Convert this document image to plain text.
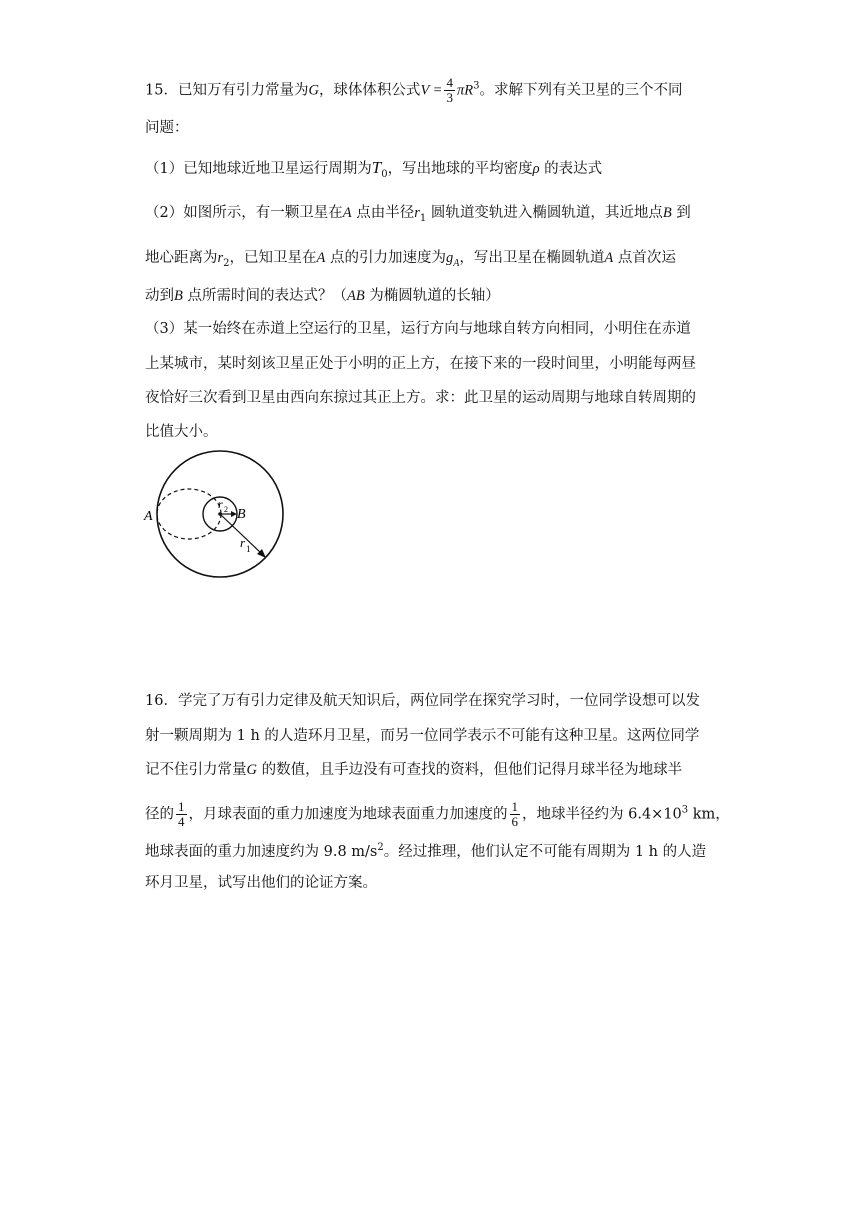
15．已知万有引力常量为G，球体体积公式$V = \frac{4}{3} \pi R^3$。求解下列有关卫星的三个不同
问题：
（1）已知地球近地卫星运行周期为$T_0$，写出地球的平均密度ρ 的表达式
（2）如图所示，有一颗卫星在A 点由半径$r_1$ 圆轨道变轨进入椭圆轨道，其近地点B 到
地心距离为$r_2$，已知卫星在A 点的引力加速度为$g_A$，写出卫星在椭圆轨道A 点首次运
动到B 点所需时间的表达式？（AB 为椭圆轨道的长轴）
（3）某一始终在赤道上空运行的卫星，运行方向与地球自转方向相同，小明住在赤道
上某城市，某时刻该卫星正处于小明的正上方，在接下来的一段时间里，小明能每两昼
夜恰好三次看到卫星由西向东掠过其正上方。求：此卫星的运动周期与地球自转周期的
比值大小。
A	B
r 2
r 1
16．学完了万有引力定律及航天知识后，两位同学在探究学习时，一位同学设想可以发
射一颗周期为 1 h 的人造环月卫星，而另一位同学表示不可能有这种卫星。这两位同学
记不住引力常量G 的数值，且手边没有可查找的资料，但他们记得月球半径为地球半
径的 $\frac{1}{4}$ ，月球表面的重力加速度为地球表面重力加速度的 $\frac{1}{6}$ ，地球半径约为 $6.4\times 10^3$ km，
地球表面的重力加速度约为 9.8 $m/s^2$。经过推理，他们认定不可能有周期为 1 h 的人造
环月卫星，试写出他们的论证方案。
